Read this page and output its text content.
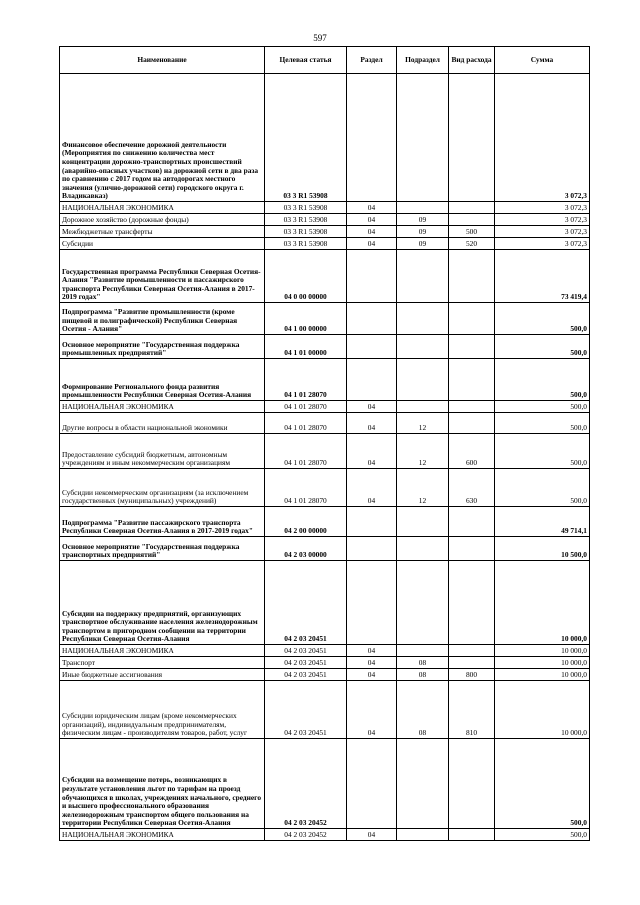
597
Наименование	Целевая статья	Раздел	Подраздел	Вид расхода	Сумма
Финансовое обеспечение дорожной деятельности (Мероприятия по снижению количества мест концентрации дорожно-транспортных происшествий (аварийно-опасных участков) на дорожной сети в два раза по сравнению с 2017 годом на автодорогах местного значения (улично-дорожной сети) городского округа г. Владикавказ)	03 3 R1 53908				3 072,3
НАЦИОНАЛЬНАЯ ЭКОНОМИКА	03 3 R1 53908	04			3 072,3
Дорожное хозяйство (дорожные фонды)	03 3 R1 53908	04	09		3 072,3
Межбюджетные трансферты	03 3 R1 53908	04	09	500	3 072,3
Субсидии	03 3 R1 53908	04	09	520	3 072,3
Государственная программа Республики Северная Осетия-Алания "Развитие промышленности и пассажирского транспорта Республики Северная Осетия-Алания в 2017-2019 годах"	04 0 00 00000				73 419,4
Подпрограмма "Развитие промышленности (кроме пищевой и полиграфической) Республики Северная Осетия - Алания"	04 1 00 00000				500,0
Основное мероприятие "Государственная поддержка промышленных предприятий"	04 1 01 00000				500,0
Формирование Регионального фонда развития промышленности Республики Северная Осетия-Алания	04 1 01 28070				500,0
НАЦИОНАЛЬНАЯ ЭКОНОМИКА	04 1 01 28070	04			500,0
Другие вопросы в области национальной экономики	04 1 01 28070	04	12		500,0
Предоставление субсидий бюджетным, автономным учреждениям и иным некоммерческим организациям	04 1 01 28070	04	12	600	500,0
Субсидии некоммерческим организациям (за исключением государственных (муниципальных) учреждений)	04 1 01 28070	04	12	630	500,0
Подпрограмма "Развитие пассажирского транспорта Республики Северная Осетия-Алания в 2017-2019 годах"	04 2 00 00000				49 714,1
Основное мероприятие "Государственная поддержка транспортных предприятий"	04 2 03 00000				10 500,0
Субсидии на поддержку предприятий, организующих транспортное обслуживание населения железнодорожным транспортом в пригородном сообщении на территории Республики Северная Осетия-Алания	04 2 03 20451				10 000,0
НАЦИОНАЛЬНАЯ ЭКОНОМИКА	04 2 03 20451	04			10 000,0
Транспорт	04 2 03 20451	04	08		10 000,0
Иные бюджетные ассигнования	04 2 03 20451	04	08	800	10 000,0
Субсидии юридическим лицам (кроме некоммерческих организаций), индивидуальным предпринимателям, физическим лицам - производителям товаров, работ, услуг	04 2 03 20451	04	08	810	10 000,0
Субсидии на возмещение потерь, возникающих в результате установления льгот по тарифам на проезд обучающихся в школах, учреждениях начального, среднего и высшего профессионального образования железнодорожным транспортом общего пользования на территории Республики Северная Осетия-Алания	04 2 03 20452				500,0
НАЦИОНАЛЬНАЯ ЭКОНОМИКА	04 2 03 20452	04			500,0
